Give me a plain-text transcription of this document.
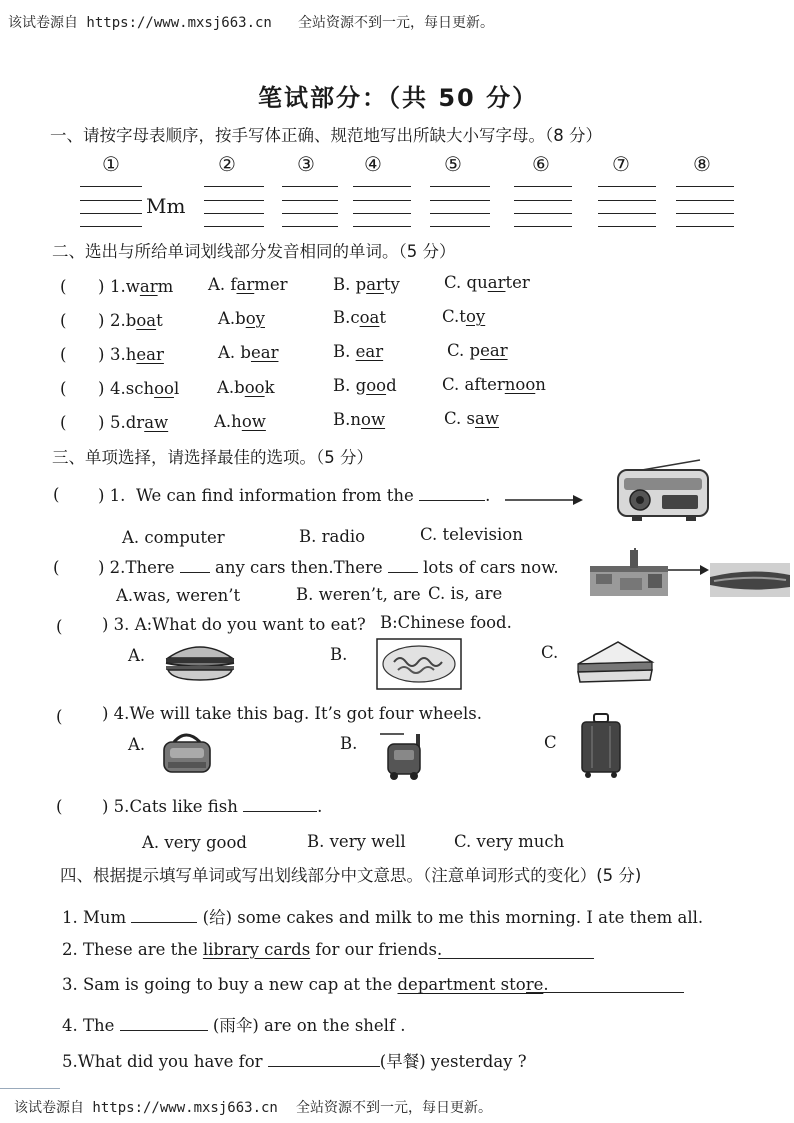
该试卷源自 https://www.mxsj663.cn 全站资源不到一元，每日更新。
笔试部分：（共 50 分）
一、请按字母表顺序，按手写体正确、规范地写出所缺大小写字母。（8 分）
①	②	③ ④	⑤	⑥	⑦	⑧
Mm
二、选出与所给单词划线部分发音相同的单词。（5 分）
( ) 1.warm A. farmer	B. party	C. quarter
( ) 2.boat	A.boy	B.coat	C.toy
( ) 3.hear	A. bear	B. ear	C. pear
( ) 4.school A.book	B. good	C. afternoon
( ) 5.draw	A.how	B.now	C. saw
三、单项选择，请选择最佳的选项。（5 分）
( ) 1. We can find information from the	.
A. computer	B. radio	C. television
( ) 2.There any cars then.There lots of cars now.
A.was, weren’t	B. weren’t, are C. is, are
( ) 3. A:What do you want to eat? B:Chinese food.
A.	B.	C.
( ) 4.We will take this bag. It’s got four wheels.
A.	B.	C
( ) 5.Cats like fish	.
A. very good	B. very well	C. very much
四、根据提示填写单词或写出划线部分中文意思。（注意单词形式的变化）(5 分)
1. Mum	(给) some cakes and milk to me this morning. I ate them all.
2. These are the library cards for our friends.
3. Sam is going to buy a new cap at the department store.
4. The	(雨伞) are on the shelf .
5.What did you have for	(早餐) yesterday ?
该试卷源自 https://www.mxsj663.cn 全站资源不到一元，每日更新。
